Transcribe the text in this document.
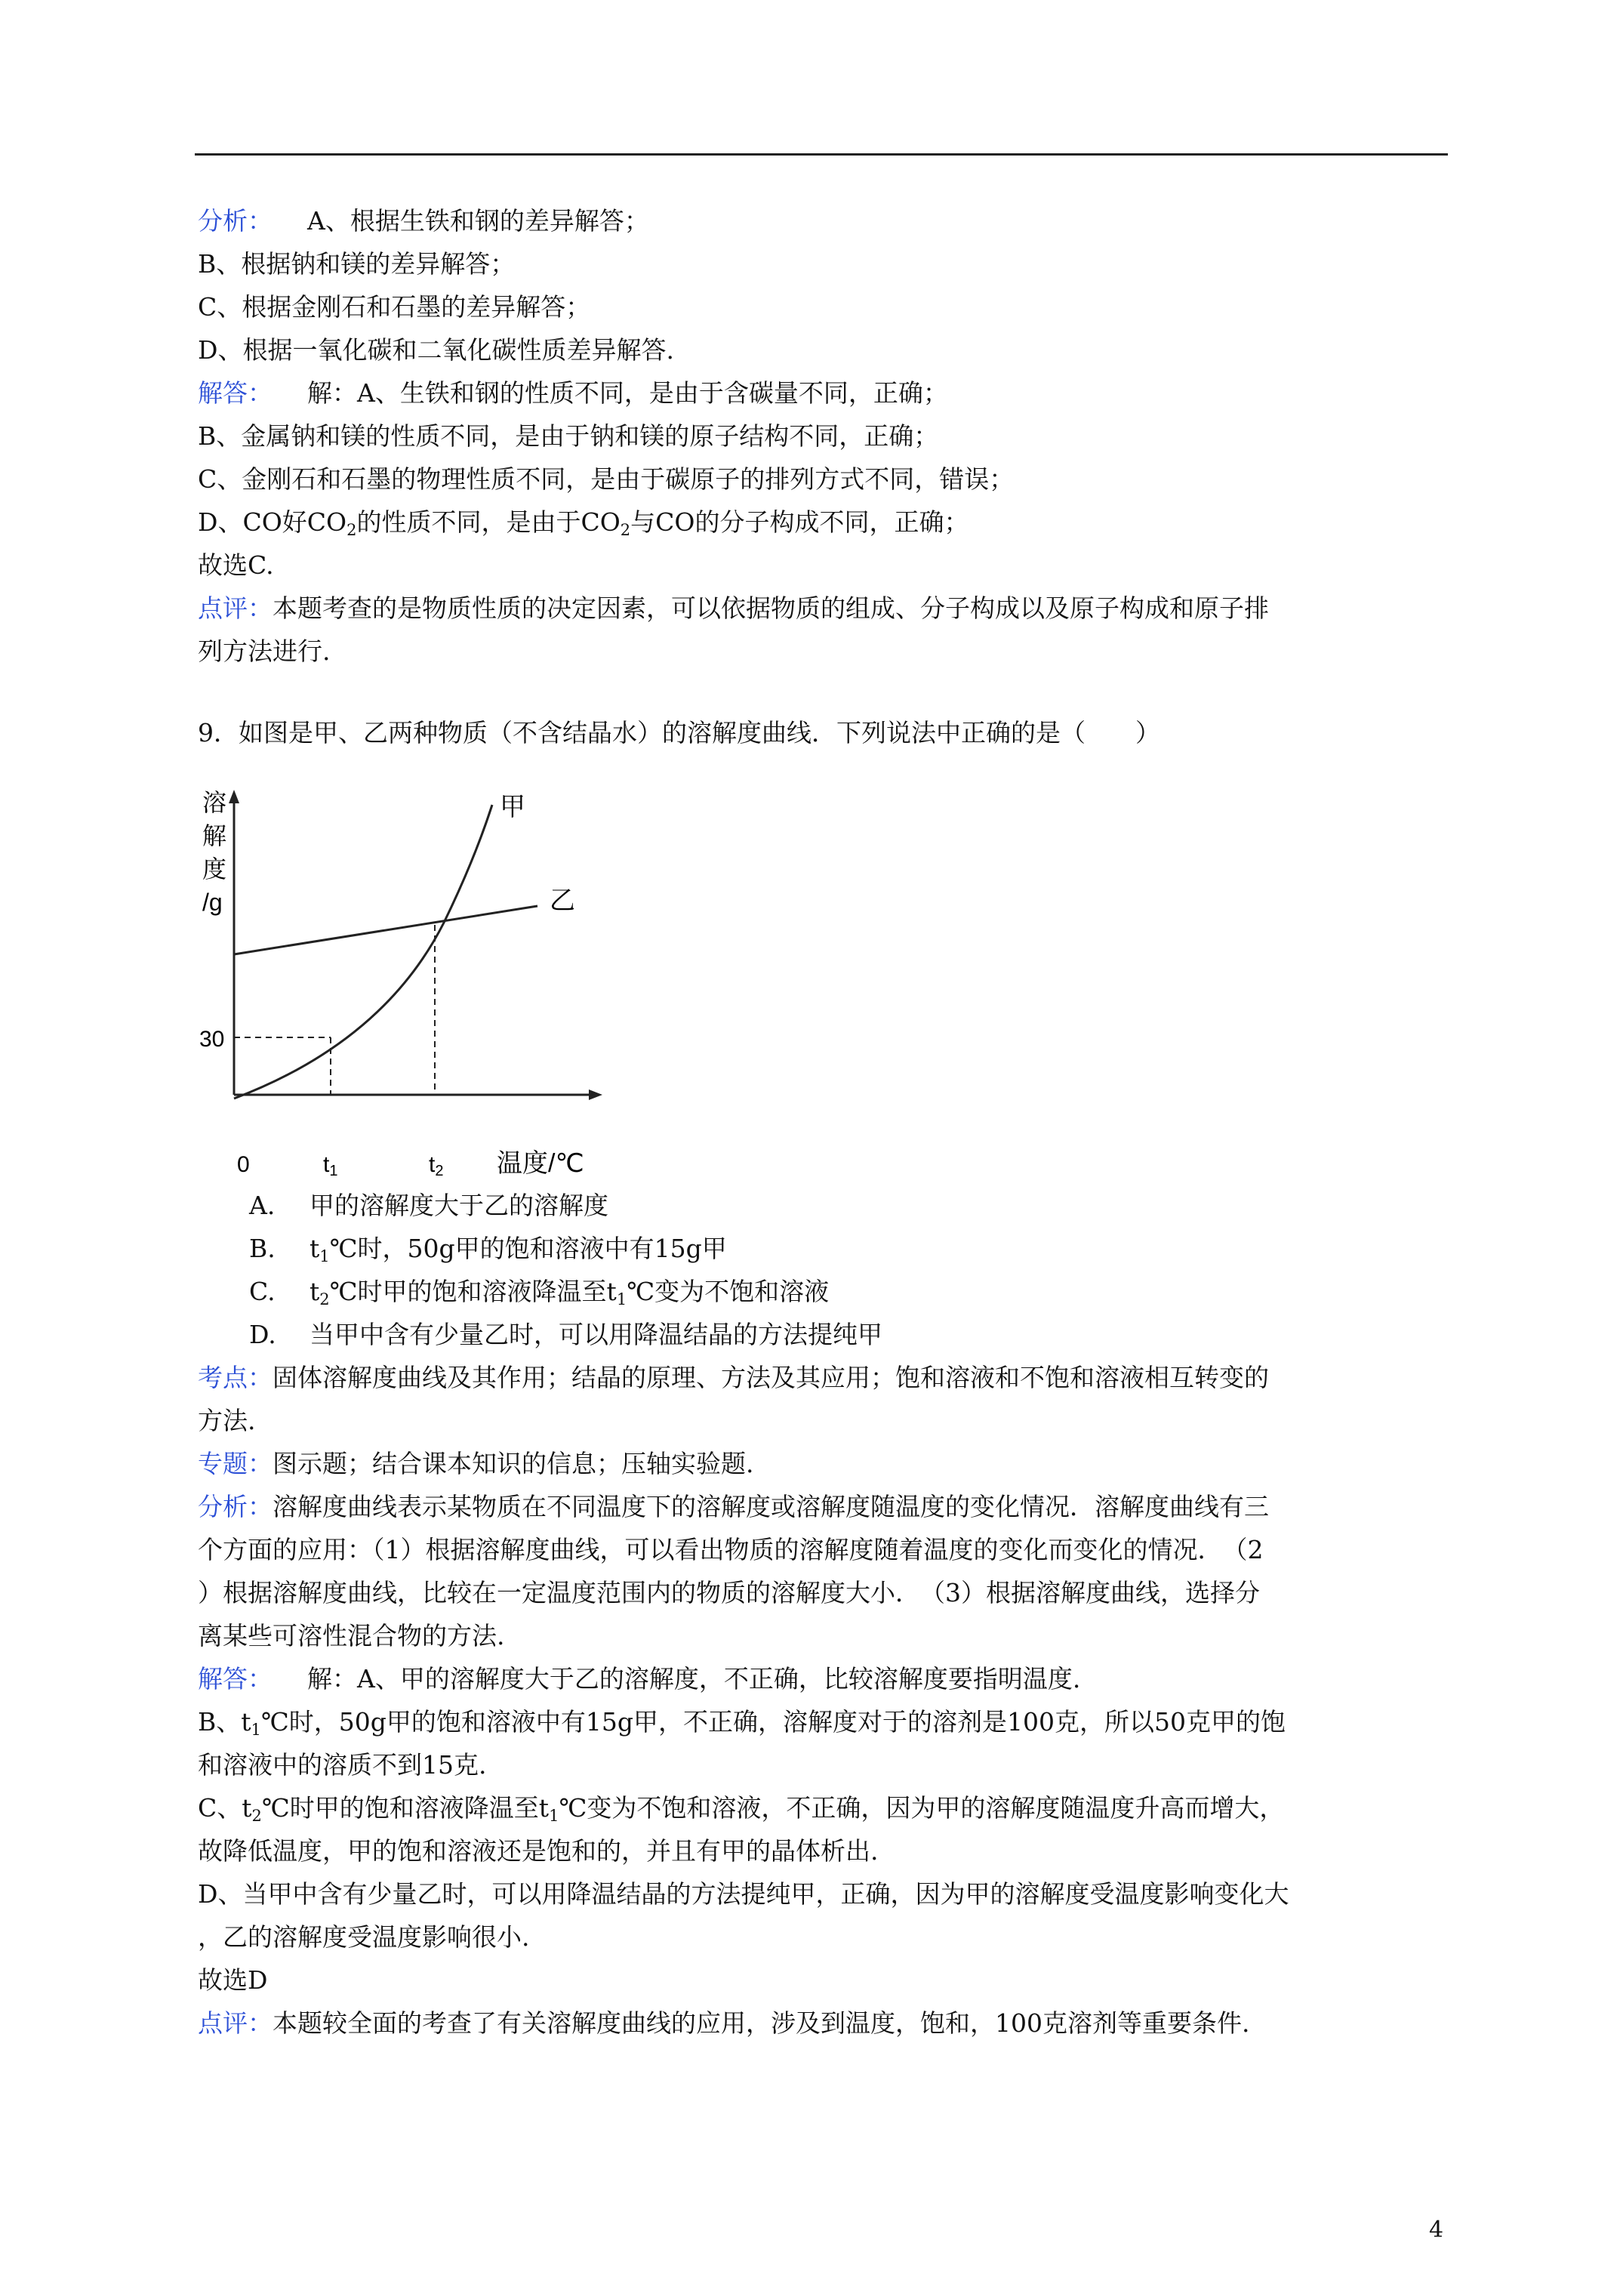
分析： A、根据生铁和钢的差异解答；
B、根据钠和镁的差异解答；
C、根据金刚石和石墨的差异解答；
D、根据一氧化碳和二氧化碳性质差异解答.
解答： 解：A、生铁和钢的性质不同，是由于含碳量不同，正确；
B、金属钠和镁的性质不同，是由于钠和镁的原子结构不同，正确；
C、金刚石和石墨的物理性质不同，是由于碳原子的排列方式不同，错误；
D、CO好$CO_2$的性质不同，是由于$CO_2$与CO的分子构成不同，正确；
故选C.
点评：本题考查的是物质性质的决定因素，可以依据物质的组成、分子构成以及原子构成和原子排
列方法进行.
9．如图是甲、乙两种物质（不含结晶水）的溶解度曲线．下列说法中正确的是（　　）
溶
解
度
/g
30
0	t1	t2 温度/℃
甲
乙
A. 甲的溶解度大于乙的溶解度
B. $t_1℃$时，50g甲的饱和溶液中有15g甲
C. $t_2℃$时甲的饱和溶液降温至$t_1℃$变为不饱和溶液
D. 当甲中含有少量乙时，可以用降温结晶的方法提纯甲
考点：固体溶解度曲线及其作用；结晶的原理、方法及其应用；饱和溶液和不饱和溶液相互转变的
方法.
专题：图示题；结合课本知识的信息；压轴实验题.
分析：溶解度曲线表示某物质在不同温度下的溶解度或溶解度随温度的变化情况．溶解度曲线有三
个方面的应用：（1）根据溶解度曲线，可以看出物质的溶解度随着温度的变化而变化的情况．　（2
）根据溶解度曲线，比较在一定温度范围内的物质的溶解度大小．　（3）根据溶解度曲线，选择分
离某些可溶性混合物的方法.
解答： 解：A、甲的溶解度大于乙的溶解度，不正确，比较溶解度要指明温度.
B、$t_1℃$时，50g甲的饱和溶液中有15g甲，不正确，溶解度对于的溶剂是100克，所以50克甲的饱
和溶液中的溶质不到15克.
C、$t_2℃$时甲的饱和溶液降温至$t_1℃$变为不饱和溶液，不正确，因为甲的溶解度随温度升高而增大，
故降低温度，甲的饱和溶液还是饱和的，并且有甲的晶体析出.
D、当甲中含有少量乙时，可以用降温结晶的方法提纯甲，正确，因为甲的溶解度受温度影响变化大
，乙的溶解度受温度影响很小.
故选D
点评：本题较全面的考查了有关溶解度曲线的应用，涉及到温度，饱和，100克溶剂等重要条件.
4
